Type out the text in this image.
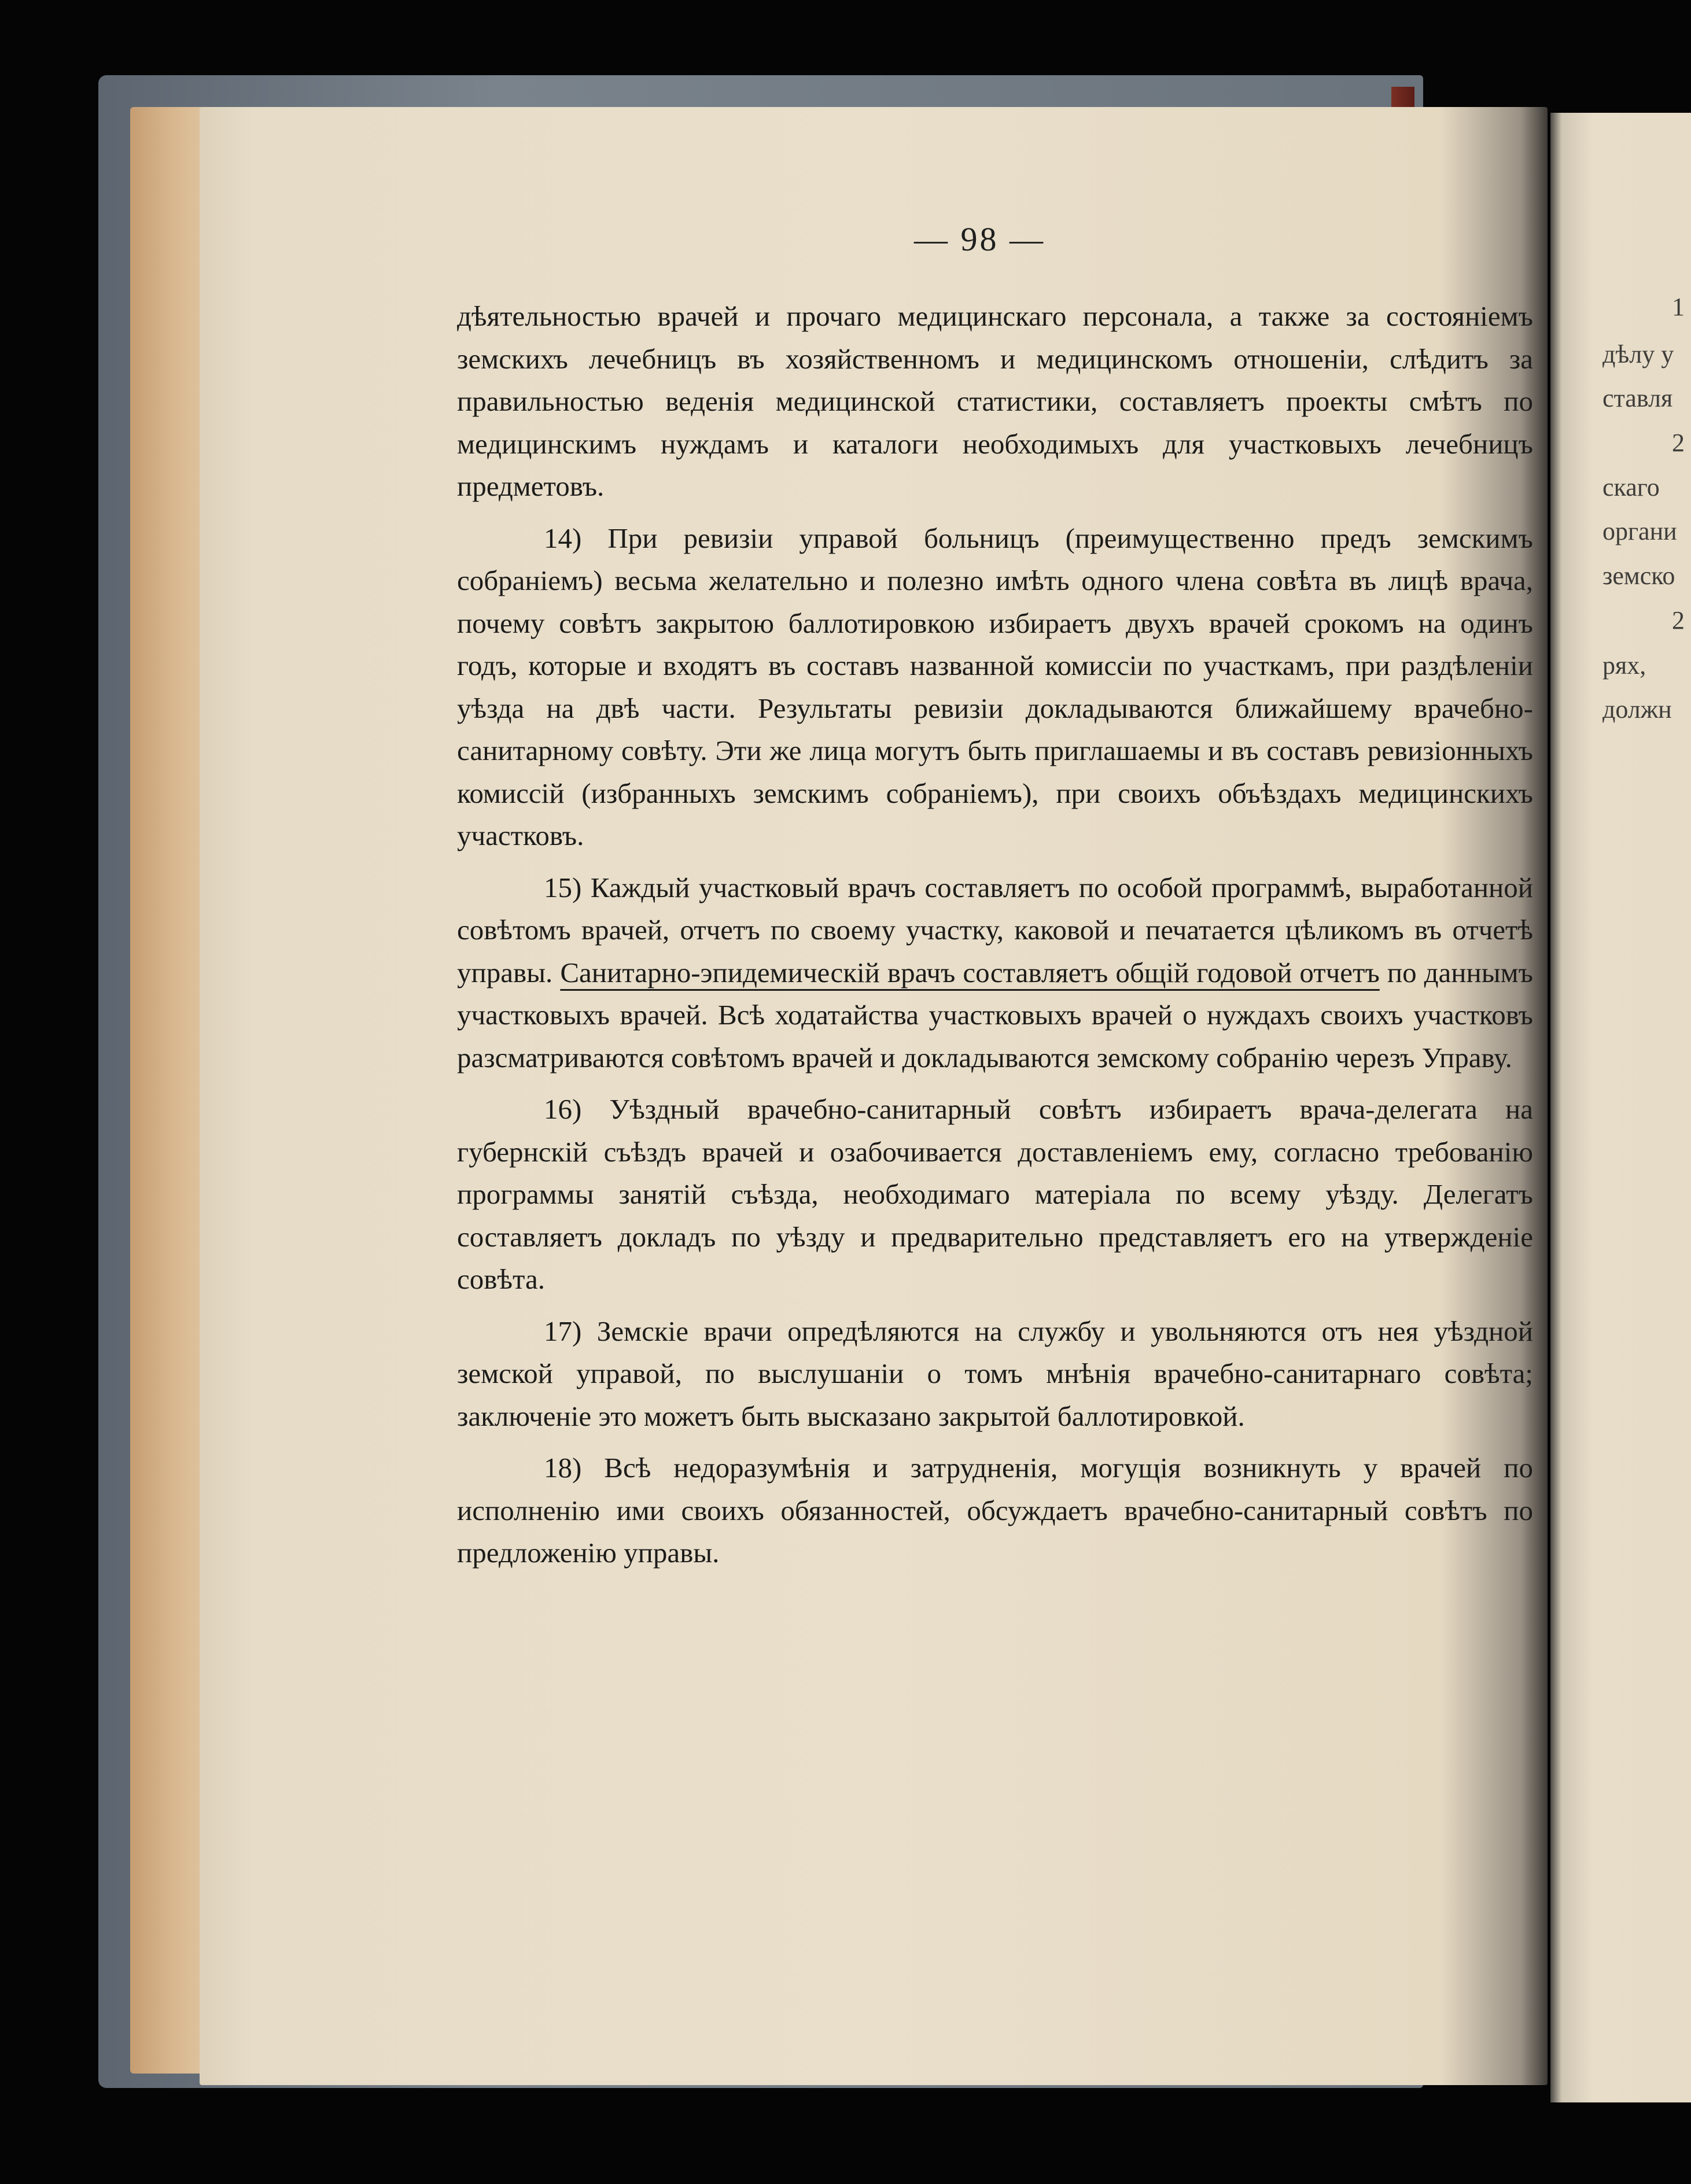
— 98 —

дѣятельностью врачей и прочаго медицинскаго персонала, а также за состояніемъ земскихъ лечебницъ въ хозяйственномъ и медицинскомъ отношеніи, слѣдитъ за правильностью веденія медицинской статистики, составляетъ проекты смѣтъ по медицинскимъ нуждамъ и каталоги необходимыхъ для участковыхъ лечебницъ предметовъ.

14) При ревизіи управой больницъ (преимущественно предъ земскимъ собраніемъ) весьма желательно и полезно имѣть одного члена совѣта въ лицѣ врача, почему совѣтъ закрытою баллотировкою избираетъ двухъ врачей срокомъ на одинъ годъ, которые и входятъ въ составъ названной комиссіи по участкамъ, при раздѣленіи уѣзда на двѣ части. Результаты ревизіи докладываются ближайшему врачебно-санитарному совѣту. Эти же лица могутъ быть приглашаемы и въ составъ ревизіонныхъ комиссій (избранныхъ земскимъ собраніемъ), при своихъ объѣздахъ медицинскихъ участковъ.

15) Каждый участковый врачъ составляетъ по особой программѣ, выработанной совѣтомъ врачей, отчетъ по своему участку, каковой и печатается цѣликомъ въ отчетѣ управы. Санитарно-эпидемическій врачъ составляетъ общій годовой отчетъ по даннымъ участковыхъ врачей. Всѣ ходатайства участковыхъ врачей о нуждахъ своихъ участковъ разсматриваются совѣтомъ врачей и докладываются земскому собранію черезъ Управу.

16) Уѣздный врачебно-санитарный совѣтъ избираетъ врача-делегата на губернскій съѣздъ врачей и озабочивается доставленіемъ ему, согласно требованію программы занятій съѣзда, необходимаго матеріала по всему уѣзду. Делегатъ составляетъ докладъ по уѣзду и предварительно представляетъ его на утвержденіе совѣта.

17) Земскіе врачи опредѣляются на службу и увольняются отъ нея уѣздной земской управой, по выслушаніи о томъ мнѣнія врачебно-санитарнаго совѣта; заключеніе это можетъ быть высказано закрытой баллотировкой.

18) Всѣ недоразумѣнія и затрудненія, могущія возникнуть у врачей по исполненію ими своихъ обязанностей, обсуждаетъ врачебно-санитарный совѣтъ по предложенію управы.

1
дѣлу у
ставля
2
скаго
органи
земско
2
рях,
должн
